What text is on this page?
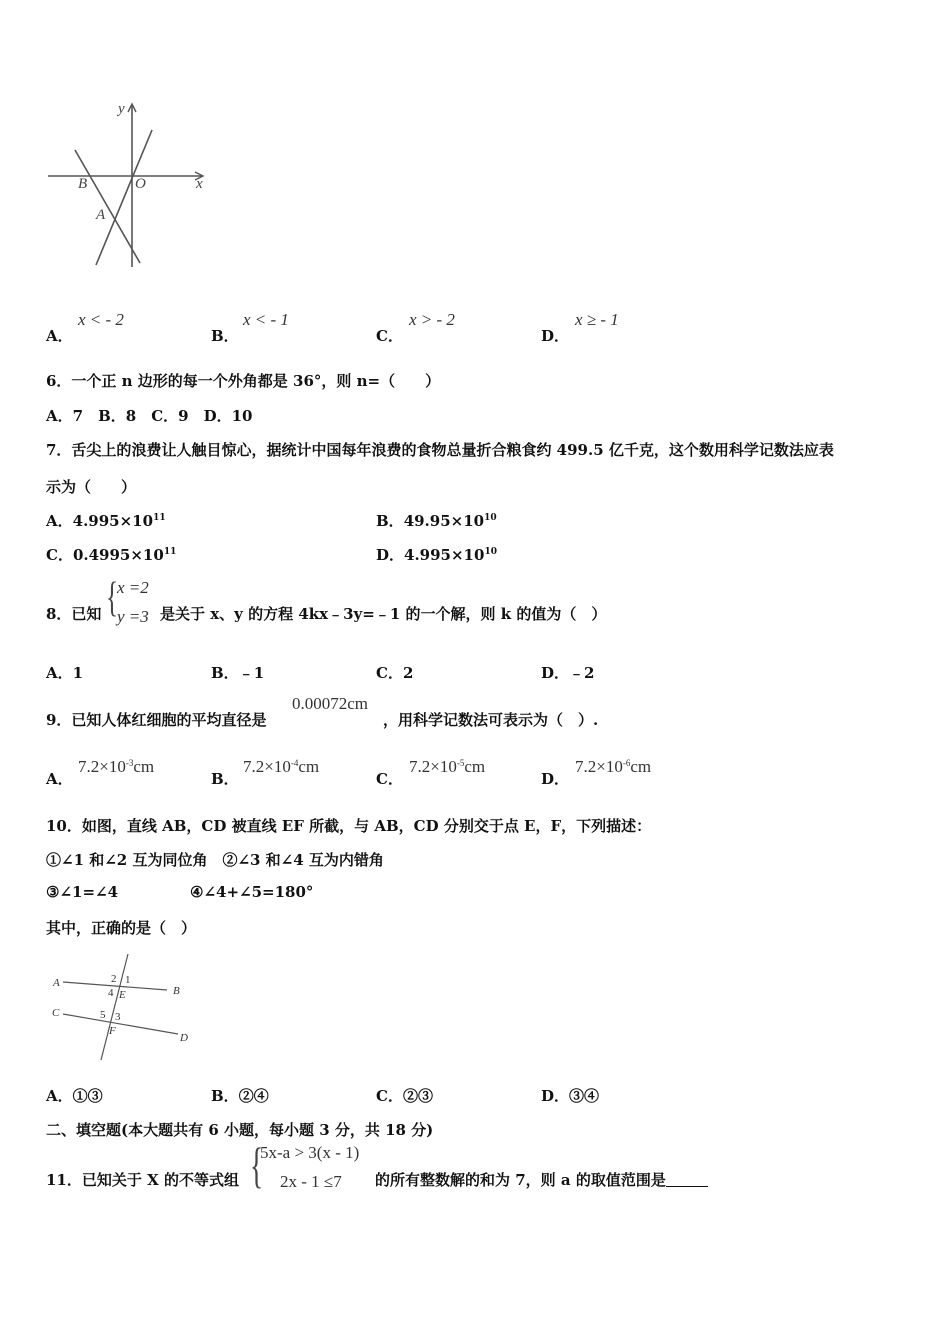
y
x
B	O
A
A．
x < - 2
B．
x < - 1
C．
x > - 2
D．
x ≥ - 1
6．一个正 n 边形的每一个外角都是 36°，则 n=（　　）
A．7　B．8　C．9　D．10
7．舌尖上的浪费让人触目惊心，据统计中国每年浪费的食物总量折合粮食约 499.5 亿千克，这个数用科学记数法应表
示为（　　）
A．$4.995\times 10^{11}$	B．$49.95\times 10^{10}$
C．$0.4995\times 10^{11}$	D．$4.995\times 10^{10}$
8．已知 {
x =2
y =3 是关于 x、y 的方程 4kx﹣3y=﹣1 的一个解，则 k 的值为（　）
A．1	B．﹣1	C．2	D．﹣2
9．已知人体红细胞的平均直径是
0.00072cm
，用科学记数法可表示为（　）.
A．
$7.2\times 10^{-3}cm$
B．
$7.2\times 10^{-4}cm$
C．
$7.2\times 10^{-5}cm$
D．
$7.2\times 10^{-6}cm$
10．如图，直线 AB，CD 被直线 EF 所截，与 AB，CD 分别交于点 E，F，下列描述：
①∠1 和∠2 互为同位角　②∠3 和∠4 互为内错角
③∠1=∠4	④∠4+∠5=180°
其中，正确的是（　）
A
B
C
D
E
F
2 1
4
5 3
A．①③	B．②④	C．②③	D．③④
二、填空题(本大题共有 6 小题，每小题 3 分，共 18 分)
11．已知关于 X 的不等式组 {
5x-a > 3(x - 1)
2x - 1 ≤7 的所有整数解的和为 7，则 a 的取值范围是
